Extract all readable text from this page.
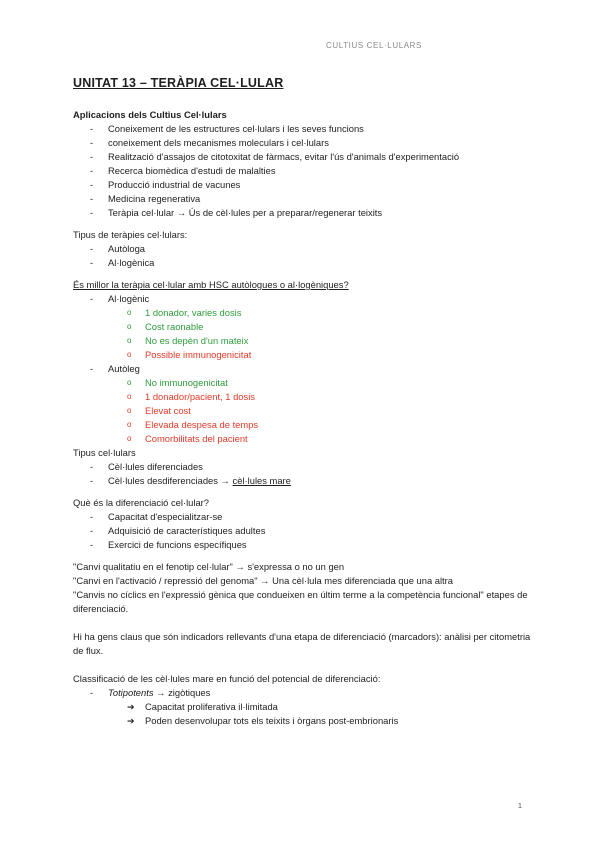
CULTIUS CEL·LULARS
UNITAT 13 – TERÀPIA CEL·LULAR
Aplicacions dels Cultius Cel·lulars
- Coneixement de les estructures cel·lulars i les seves funcions
- coneixement dels mecanismes moleculars i cel·lulars
- Realització d'assajos de citotoxitat de fàrmacs, evitar l'ús d'animals d'experimentació
- Recerca biomèdica d'estudi de malalties
- Producció industrial de vacunes
- Medicina regenerativa
- Teràpia cel·lular → Ús de cèl·lules per a preparar/regenerar teixits
Tipus de teràpies cel·lulars:
- Autòloga
- Al·logènica
És millor la teràpia cel·lular amb HSC autòlogues o al·logèniques?
- Al·logènic
o 1 donador, varies dosis
o Cost raonable
o No es depèn d'un mateix
o Possible immunogenicitat
- Autòleg
o No immunogenicitat
o 1 donador/pacient, 1 dosis
o Elevat cost
o Elevada despesa de temps
o Comorbilitats del pacient
Tipus cel·lulars
- Cèl·lules diferenciades
- Cèl·lules desdiferenciades → cèl·lules mare
Què és la diferenciació cel·lular?
- Capacitat d'especialitzar-se
- Adquisició de característiques adultes
- Exercici de funcions específiques
"Canvi qualitatiu en el fenotip cel·lular" → s'expressa o no un gen
"Canvi en l'activació / repressió del genoma" → Una cèl·lula mes diferenciada que una altra
"Canvis no cíclics en l'expressió gènica que condueixen en últim terme a la competència funcional" etapes de diferenciació.
Hi ha gens claus que són indicadors rellevants d'una etapa de diferenciació (marcadors): anàlisi per citometria de flux.
Classificació de les cèl·lules mare en funció del potencial de diferenciació:
- Totipotents → zigòtiques
➔ Capacitat proliferativa il·limitada
➔ Poden desenvolupar tots els teixits i òrgans post-embrionaris
1
